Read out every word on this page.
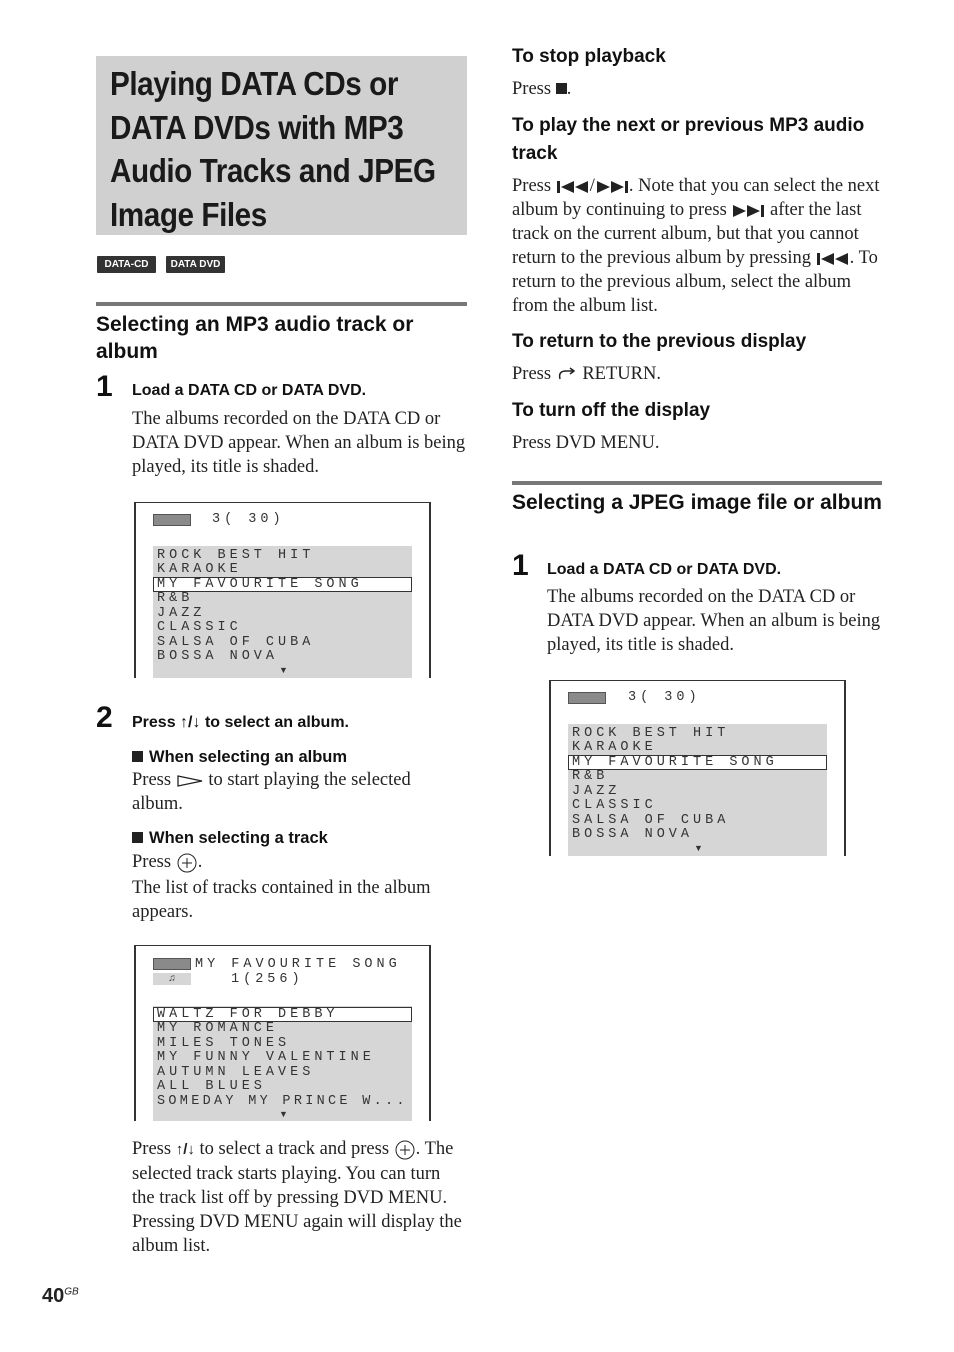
Playing DATA CDs or DATA DVDs with MP3 Audio Tracks and JPEG Image Files
DATA-CD	DATA DVD
Selecting an MP3 audio track or album
1 Load a DATA CD or DATA DVD.

The albums recorded on the DATA CD or DATA DVD appear. When an album is being played, its title is shaded.

3( 30)
ROCK BEST HIT
KARAOKE
MY FAVOURITE SONG
R&B
JAZZ
CLASSIC
SALSA OF CUBA
BOSSA NOVA
▼
2 Press ↑/↓ to select an album.
When selecting an album

Press to start playing the selected album.

When selecting a track

Press .

The list of tracks contained in the album appears.

MY FAVOURITE SONG
♫	1(256)
WALTZ FOR DEBBY
MY ROMANCE
MILES TONES
MY FUNNY VALENTINE
AUTUMN LEAVES
ALL BLUES
SOMEDAY MY PRINCE W...
▼

Press ↑/↓ to select a track and press . The selected track starts playing. You can turn the track list off by pressing DVD MENU. Pressing DVD MENU again will display the album list.

$40^{GB}$
To stop playback

Press .

To play the next or previous MP3 audio track

Press / . Note that you can select the next album by continuing to press after the last track on the current album, but that you cannot return to the previous album by pressing . To return to the previous album, select the album from the album list.

To return to the previous display

Press RETURN.

To turn off the display

Press DVD MENU.

Selecting a JPEG image file or album
1 Load a DATA CD or DATA DVD.

The albums recorded on the DATA CD or DATA DVD appear. When an album is being played, its title is shaded.

3( 30)
ROCK BEST HIT
KARAOKE
MY FAVOURITE SONG
R&B
JAZZ
CLASSIC
SALSA OF CUBA
BOSSA NOVA
▼
